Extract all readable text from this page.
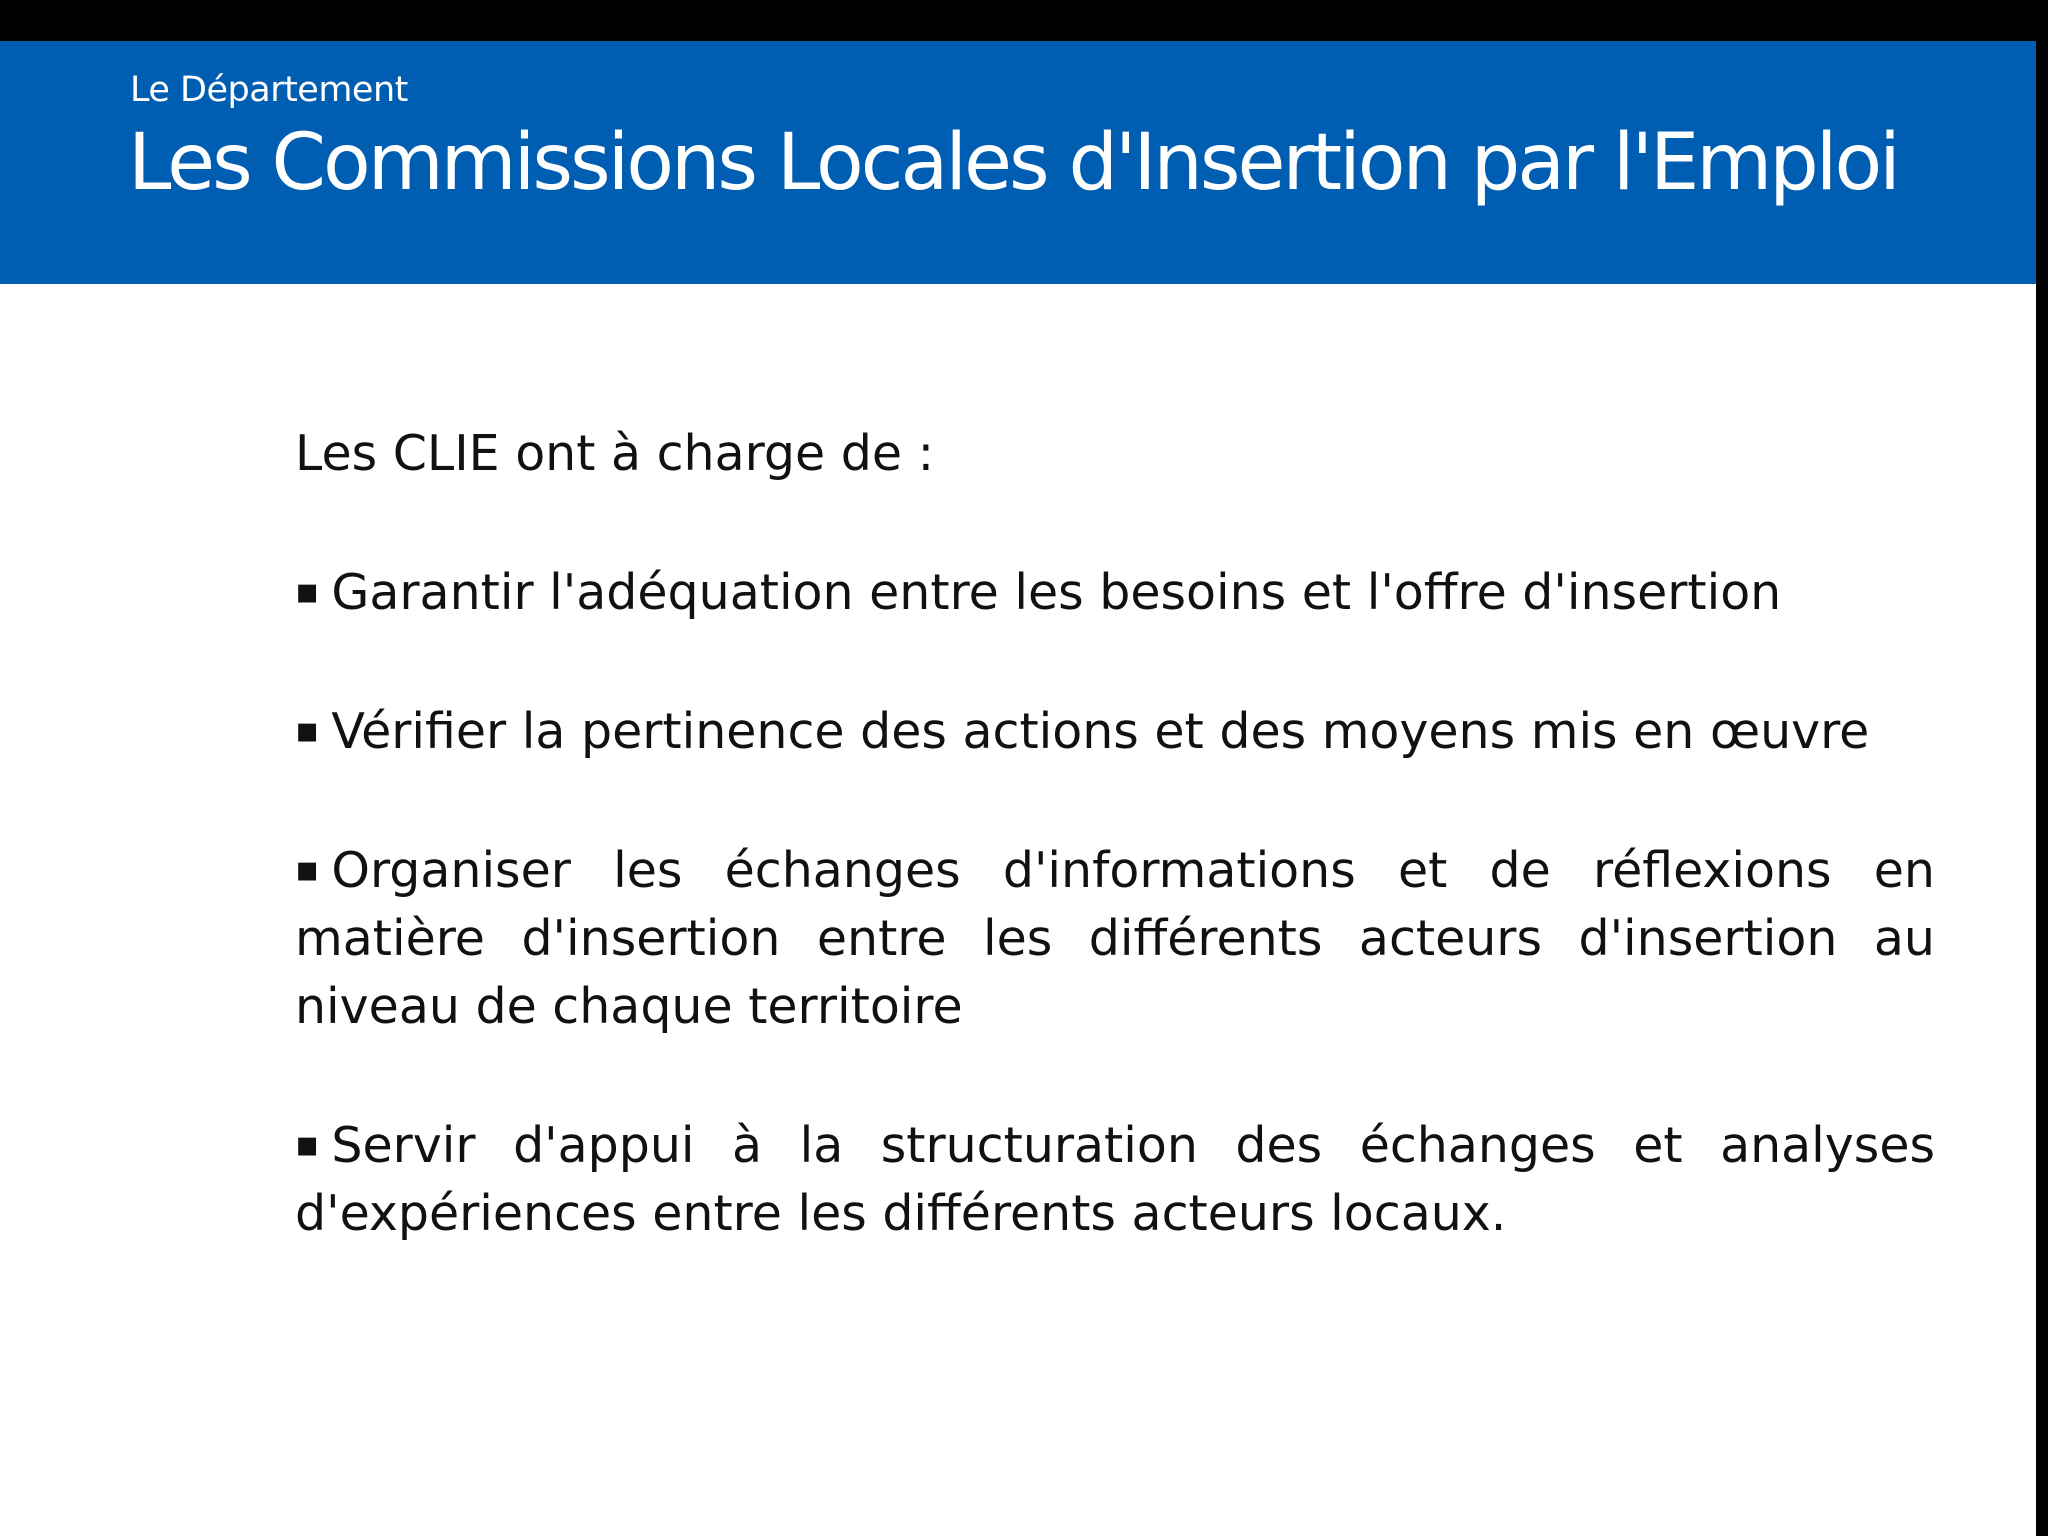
Le Département
Les Commissions Locales d'Insertion par l'Emploi

Les CLIE ont à charge de :

▪ Garantir l'adéquation entre les besoins et l'offre d'insertion

▪ Vérifier la pertinence des actions et des moyens mis en œuvre

▪ Organiser les échanges d'informations et de réflexions en matière d'insertion entre les différents acteurs d'insertion au niveau de chaque territoire

▪ Servir d'appui à la structuration des échanges et analyses d'expériences entre les différents acteurs locaux.
